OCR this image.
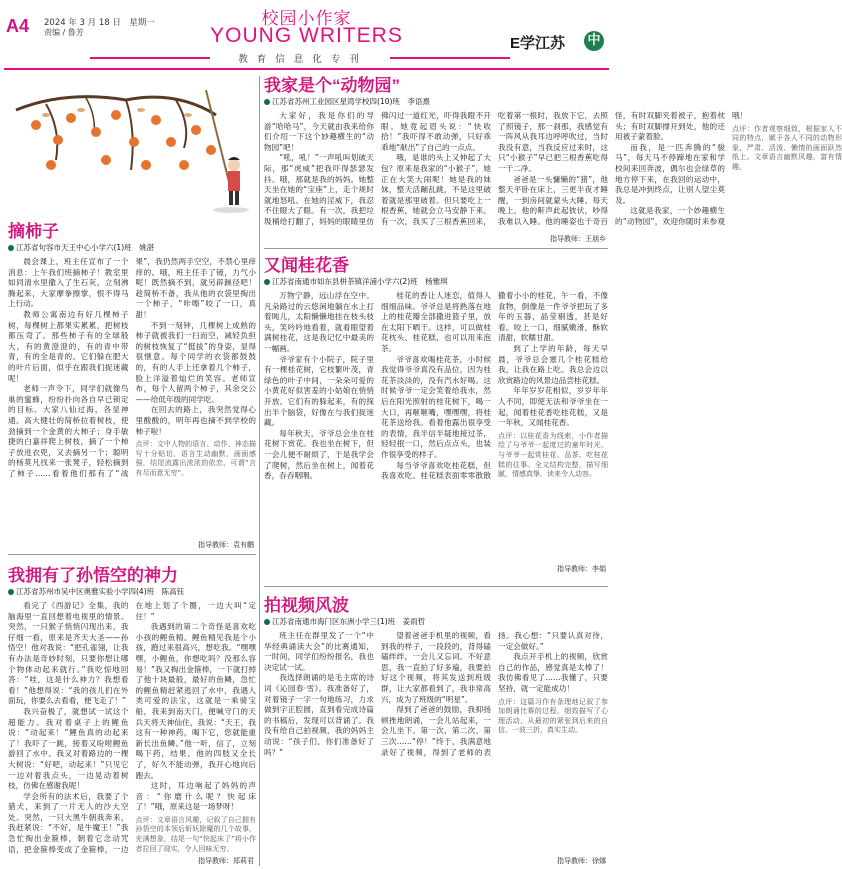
A4 2024 年 3 月 18 日　星期一
责编 / 鲁芳
校园小作家
YOUNG WRITERS	E学江苏 中
教 育 信 息 化 专 刊
摘柿子
江苏省句容市天王中心小学六(1)班　姚湛

晨会课上，班主任宣布了一个消息：上午我们班摘柿子！教室里如同清水里撒入了生石灰，立刻沸腾起来，大家摩拳擦掌，恨不得马上行动。

教师公寓南边有好几棵柿子树，每棵树上都果实累累，把树枝都压弯了。那些柿子有的全球般大，有的黄澄澄的，有的青中带青，有的全是青的。它们躲在肥大的叶片后面，似乎在跟我们捉迷藏呢！

老师一声令下，同学们就像鸟巢的蜜蜂，纷纷扑向各自早已锁定的目标。大家八仙过海，各显神通。高大健壮的简桥拉着树枝，使劲摘到一个金黄的大柿子；身手敏捷的白嘉祥爬上树枝，摘了一个柿子放进衣兜，又去摘另一个；聪明的杨莫凡找来一张凳子，轻松摘到了柿子……看着他们那有了“战果”，我仍然两手空空，不禁心里痒痒的。哦，班主任手了镜，力气小呢！既然摘不到，就另辟蹊径吧！趁简桥不备，我从他的衣袋里掏出一个柿子，“咔嚓”咬了一口，真甜！

不到一刻钟，几棵树上成熟的柿子就被我们一扫而空，减轻负担的树枝恢复了“挺拔”的身姿，显得很惬意。每个同学的衣袋都鼓鼓的，有的人手上还拿着几个柿子，脸上洋溢着灿烂的笑容。老师宣布，每个人留两个柿子，其余交公——给低年级的同学吃。

在回去的路上，我突然觉得心里酸酸的，明年再也摘不到学校的柿子啦！

点评：文中人物的语言、动作、神态描写十分贴切，语言生动幽默，画面感强，结尾流露出浓浓的依恋，可谓“言有尽而意无穷”。
指导教师：袁有鹏
我拥有了孙悟空的神力
江苏省苏州市吴中区奥雅实验小学四(4)班　陈高钰

看完了《西游记》全集，我的脑海里一直回想着电视里的情景。突然，一只猴子悄悄闪现出来，我仔细一看，原来是齐天大圣——孙悟空！他对我说：“把孔雀翎，让我有办法是奇妙时刻，只要你想让哪个物体动起来就行。”我吃惊地回答：“哇，这是什么神力？我想看看！”他想得说：“我的孩儿们在外面玩，你要么去看看，便飞走了！”

我兴奋极了，就想试一试这个超能力。我对着桌子上的鲤鱼说：“动起来！”鲤鱼真的动起来了！我吓了一跳，接着又吩咐鲤鱼游回了水中。我又对着路边的一棵大树说：“好吧，动起来！”只见它一边对着我点头，一边晃动着树枝，仿佛在感谢我呢！

学会所有的法术后，我要了个猎犬，来到了一片无人的沙大空处。突然，一只大黑牛朝我奔来，我赶紧说：“不好，是牛魔王！”我急忙掏出金箍棒，朝着它念动咒语，把金箍棒变成了金箍棒，一边在地上划了个圈，一边大叫“定住！”

我遇到的第二个奇怪是喜欢吃小孩的鲤鱼精。鲤鱼精见我是个小孩，跑过来很高兴，想吃我。“嘿嘿嘿，小鲤鱼，你想吃吗？没那么容易！”我又掏出金箍棒，一下就打掉了他十块最般，最好的鱼鳞，急忙的鲤鱼精赶紧逃回了水中，我遇人类可爱的法宝，这就是一乘骑宝船，我来到南天门，便喊守门的天兵天将天神仙住，我说：“天王，我这有一种神药，喝下它，您就能重新长出鱼鳞。”他一听，信了，立刻喝下药，结果，他的四肢又全长了，好久不能动弹，我开心地向后跑去。

这时，耳边响起了妈妈的声音：“你磨什么呢？快起床了！”哦，原来这是一场梦呀！

点评：文章语言风趣，记叙了自己拥有孙悟空的本领后斩妖除魔的几个故事，充满想象，结尾一句“快起床了”将小作者拉回了现实，令人回味无穷。
指导教师：郑莉君
我家是个“动物园”
江苏省苏州工业园区星湾学校四(10)班　李语熹

大家好，我是你们的导游“哈哈马”，今天就由我来给你们介绍一下这个妙趣横生的“动物园”吧！

“吼，吼！”一声吼叫划破天际，那“虎威”把我吓得瑟瑟发抖。哦，那就是我的妈妈。她整天坐在她的“宝座”上，走个规时就地怒吼。在她的淫威下，我忍不住瞪大了眼。有一次，我把垃圾桶给打翻了，妈妈的眼睛里仿佛闪过一道红光，吓得我瞪不开眼。她竟起眉头说：“快收拾！”我吓得不敢动弹，只好乖乖地“献出”了自己的一点点。

哦，是谁的头上又伸起了大包？原来是我家的“小猴子”，她正在大笑大闹呢！她是我的妹妹，整天活蹦乱跳，不是这里破着就是那里破着。但只要吃上一根香蕉，她就会立马安静下来。有一次，我买了三根香蕉回来，吃着第一根时，我放下它，去照了照镜子，那一刹那，我感觉有一阵风从我耳边呼呼吹过，当时我没有意，当我反应过来时，这只“小猴子”早已把三根香蕉吃得一干二净。

爸爸是一头慵懒的“猪”，他整天平卧在床上，三更半夜才睡醒，一到房间就蒙头大睡。每天晚上，他的鼾声此起彼伏，吵得我难以入睡。他的睡姿也千奇百怪，有时双脚夹着被子，抱着枕头；有时双脚撑开到处，他的还用被子蒙着脸。

而我，是一匹奔腾的“骏马”，每天马不停蹄地在家和学校间来回奔波，偶尔也会绿草的地方停下来，在我回的运动中，我总是冲到终点，让别人望尘莫及。

这就是我家，一个妙趣横生的“动物园”，欢迎你随时来参观哦！

点评：作者观察细致，根据家人不同的特点，赋予各人不同的动物形象，严肃、活泼、懒惰的画面跃然纸上。文章语言幽默风趣，富有情趣。
指导教师：王朋乡
又闻桂花香
江苏省南通市如东县栟茶镇洋浦小学六(2)班　杨雅琪

万物宁静，远山浮在空中。凡朵路过的云悠闲地躺在水上打着盹儿，太阳懒懒地挂在枝头枝头，笑吟吟地看着，就看眼望着满树桂花，这是我记忆中最美的一幅画。

爷爷家有个小院子，院子里有一棵桂花树，它枝繁叶茂，青绿色的叶子中间，一朵朵可爱的小黄花好似害羞的小姑娘在悄悄开放。它们有的躲起来，有的探出半个脑袋，好像在与我们捉迷藏。

每年秋天，爷爷总会坐在桂花树下赏花。我也坐在树下，但一会儿便不耐烦了，于是我学会了爬树，然后坐在树上，闻着花香，吞吞咽咽。

桂花的香让人迷恋，值得人细细品味。爷爷总是将熟落在地上的桂花瓣全部撒进篮子里，放在太阳下晒干。这样，可以做桂花枕头、桂花糕，也可以用来泡茶。

爷爷喜欢喝桂花茶，小时候我觉得爷爷真没有品位，因为桂花茶淡淡的，没有汽水好喝。这时候爷爷一定会笑着给我水，然后在阳光照射的桂花树下，喝一大口，再咂咂嘴，嘿嘿嘿，将桂花茶送给我。看着他露出很享受的表情，我半信半疑地接过茶，轻轻抿一口，然后点点头，也装作很享受的样子。

每当爷爷喜欢吃桂花糕，但我喜欢吃。桂花糕表面零零散散撒着小小的桂花，午一看，不像食物，倒像是一件爷爷把玩了多年的玉器，晶莹剔透，甚是好看。咬上一口，细腻嫩滑，酥软清甜，软糯甘甜。

到了上学的年龄，每天早晨，爷爷总会塞几个桂花糕给我，让我在路上吃。我总会边以欣赏路边的风景边品尝桂花糕。

年年岁岁花相似，岁岁年年人不同，即使无法和爷爷坐在一起，闻着桂花香吃桂花糕，又是一年秋，又闻桂花香。

点评：以桂花香为线索，小作者描绘了与爷爷一起度过的童年时光，与爷爷一起赏桂花、品茶、吃桂花糕的往事。全文结构完整，描写细腻，情感真挚，读来令人动容。
指导教师：李娟
拍视频风波
江苏省南通市海门区东洲小学三(1)班　姜雨哲

班主任在群里发了一个“中华经典诵读大会”的比赛通知，一时间，同学们纷纷报名，我也决定试一试。

我选择朗诵的是毛主席的诗词《沁园春·雪》。我准备好了，对着镜子一字一句地练习，力求做到字正腔圆，直到看完成诗篇的书稿后，发现可以背诵了。我没有给自己拍视频，我的妈妈主动说：“孩子们，你们准备好了吗？”

望着爸爸手机里的视频，看到我的样子，一段段的，背得磕磕绊绊，一会儿又忘词。不好意思，我一直拍了好多遍，我要拍好这个视频，将其发送到班级群，让大家都看到了，我非常高兴，成为了班级的“明星”。

得到了爸爸的鼓励，我抑扬顿挫地朗诵，一会儿站起来，一会儿坐下。第一次、第二次、第三次……“停！”终于，我满意地录好了视频，得到了老师的表扬。我心想：“只要认真对待，一定会做好。”

我点开手机上的视频，欣赏自己的作品，感觉真是太棒了！我仿佛看见了……我懂了，只要坚持，就一定能成功！

点评：这篇习作有条理地记叙了参加朗诵比赛的过程，细致描写了心理活动，从最初的紧张到后来的自信，一波三折，真实生动。
指导教师：徐娜
